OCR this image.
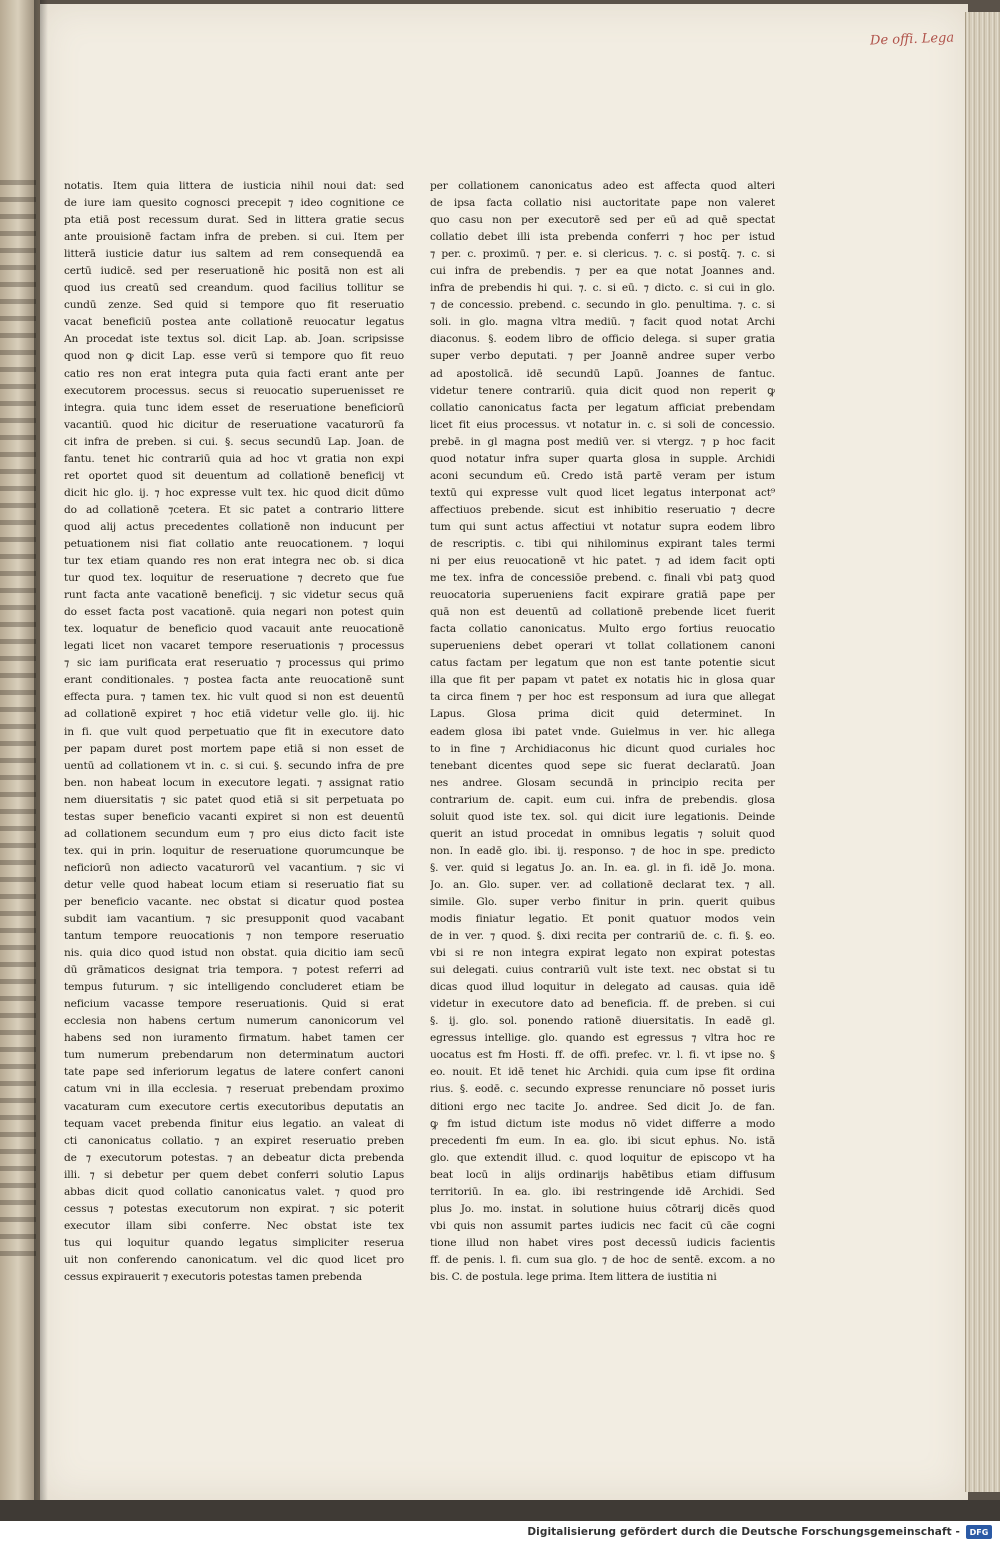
De offi. Lega
notatis. Item quia littera de iusticia nihil noui dat: sed
de iure iam quesito cognosci precepit ⁊ ideo cognitione ce
pta etiā post recessum durat. Sed in littera gratie secus
ante prouisionē factam infra de preben. si cui. Item per
litterā iusticie datur ius saltem ad rem consequendā ea
certū iudicē. sed per reseruationē hic positā non est ali
quod ius creatū sed creandum. quod facilius tollitur se
cundū zenze. Sed quid si tempore quo fit reseruatio
vacat beneficiū postea ante collationē reuocatur legatus
An procedat iste textus sol. dicit Lap. ab. Joan. scripsisse
quod non ꝙ dicit Lap. esse verū si tempore quo fit reuo
catio res non erat integra puta quia facti erant ante per
executorem processus. secus si reuocatio superuenisset re
integra. quia tunc idem esset de reseruatione beneficiorū
vacantiū. quod hic dicitur de reseruatione vacaturorū fa
cit infra de preben. si cui. §. secus secundū Lap. Joan. de
fantu. tenet hic contrariū quia ad hoc vt gratia non expi
ret oportet quod sit deuentum ad collationē beneficij vt
dicit hic glo. ij. ⁊ hoc expresse vult tex. hic quod dicit dūmo
do ad collationē ⁊cetera. Et sic patet a contrario littere
quod alij actus precedentes collationē non inducunt per
petuationem nisi fiat collatio ante reuocationem. ⁊ loqui
tur tex etiam quando res non erat integra nec ob. si dica
tur quod tex. loquitur de reseruatione ⁊ decreto que fue
runt facta ante vacationē beneficij. ⁊ sic videtur secus quā
do esset facta post vacationē. quia negari non potest quin
tex. loquatur de beneficio quod vacauit ante reuocationē
legati licet non vacaret tempore reseruationis ⁊ processus
⁊ sic iam purificata erat reseruatio ⁊ processus qui primo
erant conditionales. ⁊ postea facta ante reuocationē sunt
effecta pura. ⁊ tamen tex. hic vult quod si non est deuentū
ad collationē expiret ⁊ hoc etiā videtur velle glo. iij. hic
in fi. que vult quod perpetuatio que fit in executore dato
per papam duret post mortem pape etiā si non esset de
uentū ad collationem vt in. c. si cui. §. secundo infra de pre
ben. non habeat locum in executore legati. ⁊ assignat ratio
nem diuersitatis ⁊ sic patet quod etiā si sit perpetuata po
testas super beneficio vacanti expiret si non est deuentū
ad collationem secundum eum ⁊ pro eius dicto facit iste
tex. qui in prin. loquitur de reseruatione quorumcunque be
neficiorū non adiecto vacaturorū vel vacantium. ⁊ sic vi
detur velle quod habeat locum etiam si reseruatio fiat su
per beneficio vacante. nec obstat si dicatur quod postea
subdit iam vacantium. ⁊ sic presupponit quod vacabant
tantum tempore reuocationis ⁊ non tempore reseruatio
nis. quia dico quod istud non obstat. quia dicitio iam secū
dū grāmaticos designat tria tempora. ⁊ potest referri ad
tempus futurum. ⁊ sic intelligendo concluderet etiam be
neficium vacasse tempore reseruationis. Quid si erat
ecclesia non habens certum numerum canonicorum vel
habens sed non iuramento firmatum. habet tamen cer
tum numerum prebendarum non determinatum auctori
tate pape sed inferiorum legatus de latere confert canoni
catum vni in illa ecclesia. ⁊ reseruat prebendam proximo
vacaturam cum executore certis executoribus deputatis an
tequam vacet prebenda finitur eius legatio. an valeat di
cti canonicatus collatio. ⁊ an expiret reseruatio preben
de ⁊ executorum potestas. ⁊ an debeatur dicta prebenda
illi. ⁊ si debetur per quem debet conferri solutio Lapus
abbas dicit quod collatio canonicatus valet. ⁊ quod pro
cessus ⁊ potestas executorum non expirat. ⁊ sic poterit
executor illam sibi conferre. Nec obstat iste tex
tus qui loquitur quando legatus simpliciter reserua
uit non conferendo canonicatum. vel dic quod licet pro
cessus expirauerit ⁊ executoris potestas tamen prebenda
per collationem canonicatus adeo est affecta quod alteri
de ipsa facta collatio nisi auctoritate pape non valeret
quo casu non per executorē sed per eū ad quē spectat
collatio debet illi ista prebenda conferri ⁊ hoc per istud
⁊ per. c. proximū. ⁊ per. e. si clericus. ⁊. c. si postq̄. ⁊. c. si
cui infra de prebendis. ⁊ per ea que notat Joannes and.
infra de prebendis hi qui. ⁊. c. si eū. ⁊ dicto. c. si cui in glo.
⁊ de concessio. prebend. c. secundo in glo. penultima. ⁊. c. si
soli. in glo. magna vltra mediū. ⁊ facit quod notat Archi
diaconus. §. eodem libro de officio delega. si super gratia
super verbo deputati. ⁊ per Joannē andree super verbo
ad apostolicā. idē secundū Lapū. Joannes de fantuc.
videtur tenere contrariū. quia dicit quod non reperit ꝙ
collatio canonicatus facta per legatum afficiat prebendam
licet fit eius processus. vt notatur in. c. si soli de concessio.
prebē. in gl magna post mediū ver. si vtergz. ⁊ p hoc facit
quod notatur infra super quarta glosa in supple. Archidi
aconi secundum eū. Credo istā partē veram per istum
textū qui expresse vult quod licet legatus interponat act⁹
affectiuos prebende. sicut est inhibitio reseruatio ⁊ decre
tum qui sunt actus affectiui vt notatur supra eodem libro
de rescriptis. c. tibi qui nihilominus expirant tales termi
ni per eius reuocationē vt hic patet. ⁊ ad idem facit opti
me tex. infra de concessiōe prebend. c. finali vbi patꝫ quod
reuocatoria superueniens facit expirare gratiā pape per
quā non est deuentū ad collationē prebende licet fuerit
facta collatio canonicatus. Multo ergo fortius reuocatio
superueniens debet operari vt tollat collationem canoni
catus factam per legatum que non est tante potentie sicut
illa que fit per papam vt patet ex notatis hic in glosa quar
ta circa finem ⁊ per hoc est responsum ad iura que allegat
Lapus. Glosa prima dicit quid determinet. In
eadem glosa ibi patet vnde. Guielmus in ver. hic allega
to in fine ⁊ Archidiaconus hic dicunt quod curiales hoc
tenebant dicentes quod sepe sic fuerat declaratū. Joan
nes andree. Glosam secundā in principio recita per
contrarium de. capit. eum cui. infra de prebendis. glosa
soluit quod iste tex. sol. qui dicit iure legationis. Deinde
querit an istud procedat in omnibus legatis ⁊ soluit quod
non. In eadē glo. ibi. ij. responso. ⁊ de hoc in spe. predicto
§. ver. quid si legatus Jo. an. In. ea. gl. in fi. idē Jo. mona.
Jo. an. Glo. super. ver. ad collationē declarat tex. ⁊ all.
simile. Glo. super verbo finitur in prin. querit quibus
modis finiatur legatio. Et ponit quatuor modos vein
de in ver. ⁊ quod. §. dixi recita per contrariū de. c. fi. §. eo.
vbi si re non integra expirat legato non expirat potestas
sui delegati. cuius contrariū vult iste text. nec obstat si tu
dicas quod illud loquitur in delegato ad causas. quia idē
videtur in executore dato ad beneficia. ff. de preben. si cui
§. ij. glo. sol. ponendo rationē diuersitatis. In eadē gl.
egressus intellige. glo. quando est egressus ⁊ vltra hoc re
uocatus est fm Hosti. ff. de offi. prefec. vr. l. fi. vt ipse no. §
eo. nouit. Et idē tenet hic Archidi. quia cum ipse fit ordina
rius. §. eodē. c. secundo expresse renunciare nō posset iuris
ditioni ergo nec tacite Jo. andree. Sed dicit Jo. de fan.
ꝙ fm istud dictum iste modus nō videt differre a modo
precedenti fm eum. In ea. glo. ibi sicut ephus. No. istā
glo. que extendit illud. c. quod loquitur de episcopo vt ha
beat locū in alijs ordinarijs habētibus etiam diffusum
territoriū. In ea. glo. ibi restringende idē Archidi. Sed
plus Jo. mo. instat. in solutione huius cōtrarij dicēs quod
vbi quis non assumit partes iudicis nec facit cū cāe cogni
tione illud non habet vires post decessū iudicis facientis
ff. de penis. l. fi. cum sua glo. ⁊ de hoc de sentē. excom. a no
bis. C. de postula. lege prima. Item littera de iustitia ni
Digitalisierung gefördert durch die Deutsche Forschungsgemeinschaft -	DFG
